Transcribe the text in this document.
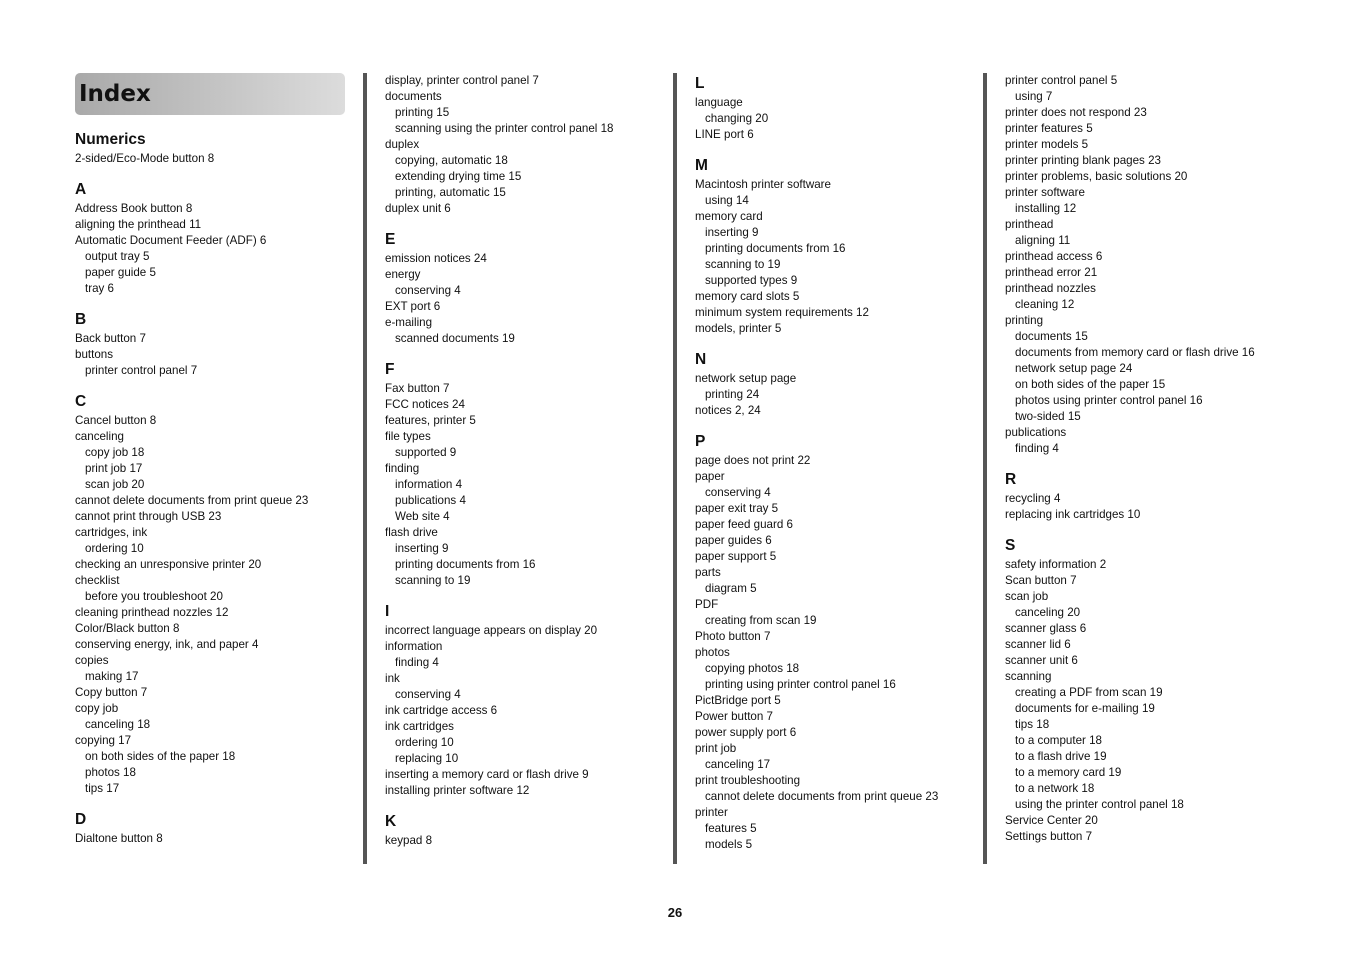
Index
Numerics
2-sided/Eco-Mode button 8
A
Address Book button 8
aligning the printhead 11
Automatic Document Feeder (ADF) 6
output tray 5
paper guide 5
tray 6
B
Back button 7
buttons
printer control panel 7
C
Cancel button 8
canceling
copy job 18
print job 17
scan job 20
cannot delete documents from print queue 23
cannot print through USB 23
cartridges, ink
ordering 10
checking an unresponsive printer 20
checklist
before you troubleshoot 20
cleaning printhead nozzles 12
Color/Black button 8
conserving energy, ink, and paper 4
copies
making 17
Copy button 7
copy job
canceling 18
copying 17
on both sides of the paper 18
photos 18
tips 17
D
Dialtone button 8
display, printer control panel 7
documents
printing 15
scanning using the printer control panel 18
duplex
copying, automatic 18
extending drying time 15
printing, automatic 15
duplex unit 6
E
emission notices 24
energy
conserving 4
EXT port 6
e-mailing
scanned documents 19
F
Fax button 7
FCC notices 24
features, printer 5
file types
supported 9
finding
information 4
publications 4
Web site 4
flash drive
inserting 9
printing documents from 16
scanning to 19
I
incorrect language appears on display 20
information
finding 4
ink
conserving 4
ink cartridge access 6
ink cartridges
ordering 10
replacing 10
inserting a memory card or flash drive 9
installing printer software 12
K
keypad 8
L
language
changing 20
LINE port 6
M
Macintosh printer software
using 14
memory card
inserting 9
printing documents from 16
scanning to 19
supported types 9
memory card slots 5
minimum system requirements 12
models, printer 5
N
network setup page
printing 24
notices 2, 24
P
page does not print 22
paper
conserving 4
paper exit tray 5
paper feed guard 6
paper guides 6
paper support 5
parts
diagram 5
PDF
creating from scan 19
Photo button 7
photos
copying photos 18
printing using printer control panel 16
PictBridge port 5
Power button 7
power supply port 6
print job
canceling 17
print troubleshooting
cannot delete documents from print queue 23
printer
features 5
models 5
printer control panel 5
using 7
printer does not respond 23
printer features 5
printer models 5
printer printing blank pages 23
printer problems, basic solutions 20
printer software
installing 12
printhead
aligning 11
printhead access 6
printhead error 21
printhead nozzles
cleaning 12
printing
documents 15
documents from memory card or flash drive 16
network setup page 24
on both sides of the paper 15
photos using printer control panel 16
two-sided 15
publications
finding 4
R
recycling 4
replacing ink cartridges 10
S
safety information 2
Scan button 7
scan job
canceling 20
scanner glass 6
scanner lid 6
scanner unit 6
scanning
creating a PDF from scan 19
documents for e-mailing 19
tips 18
to a computer 18
to a flash drive 19
to a memory card 19
to a network 18
using the printer control panel 18
Service Center 20
Settings button 7
26
